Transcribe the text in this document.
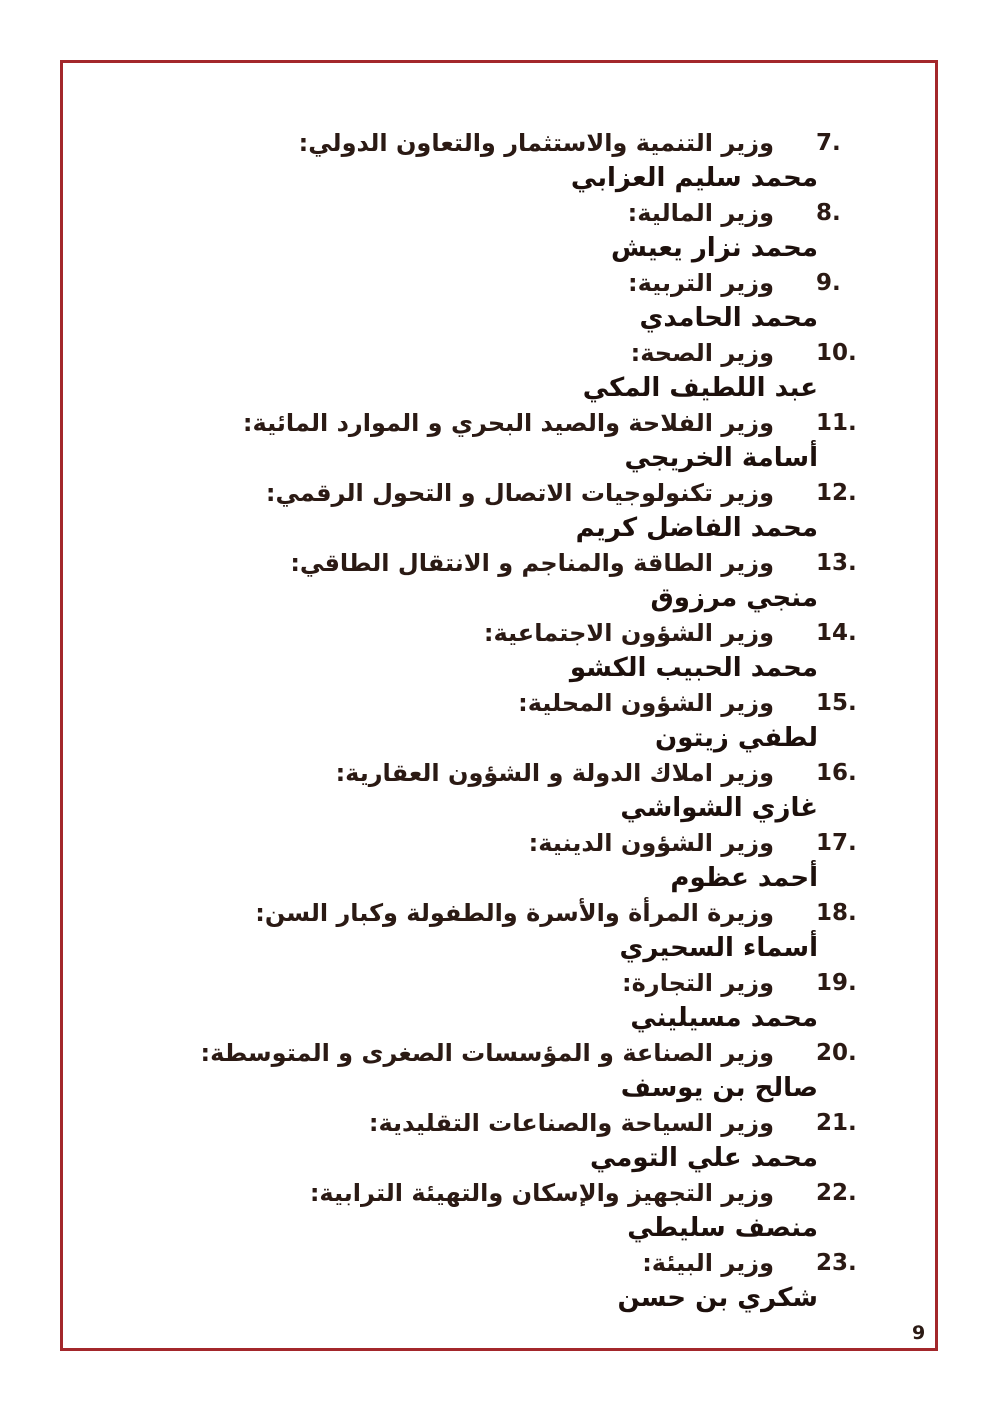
7.
وزير التنمية والاستثمار والتعاون الدولي:
محمد سليم العزابي
8.
وزير المالية:
محمد نزار يعيش
9.
وزير التربية:
محمد الحامدي
10.
وزير الصحة:
عبد اللطيف المكي
11.
وزير الفلاحة والصيد البحري و الموارد المائية:
أسامة الخريجي
12.
وزير تكنولوجيات الاتصال و التحول الرقمي:
محمد الفاضل كريم
13.
وزير الطاقة والمناجم و الانتقال الطاقي:
منجي مرزوق
14.
وزير الشؤون الاجتماعية:
محمد الحبيب الكشو
15.
وزير الشؤون المحلية:
لطفي زيتون
16.
وزير املاك الدولة و الشؤون العقارية:
غازي الشواشي
17.
وزير الشؤون الدينية:
أحمد عظوم
18.
وزيرة المرأة والأسرة والطفولة وكبار السن:
أسماء السحيري
19.
وزير التجارة:
محمد مسيليني
20.
وزير الصناعة و المؤسسات الصغرى و المتوسطة:
صالح بن يوسف
21.
وزير السياحة والصناعات التقليدية:
محمد علي التومي
22.
وزير التجهيز والإسكان والتهيئة الترابية:
منصف سليطي
23.
وزير البيئة:
شكري بن حسن
9
